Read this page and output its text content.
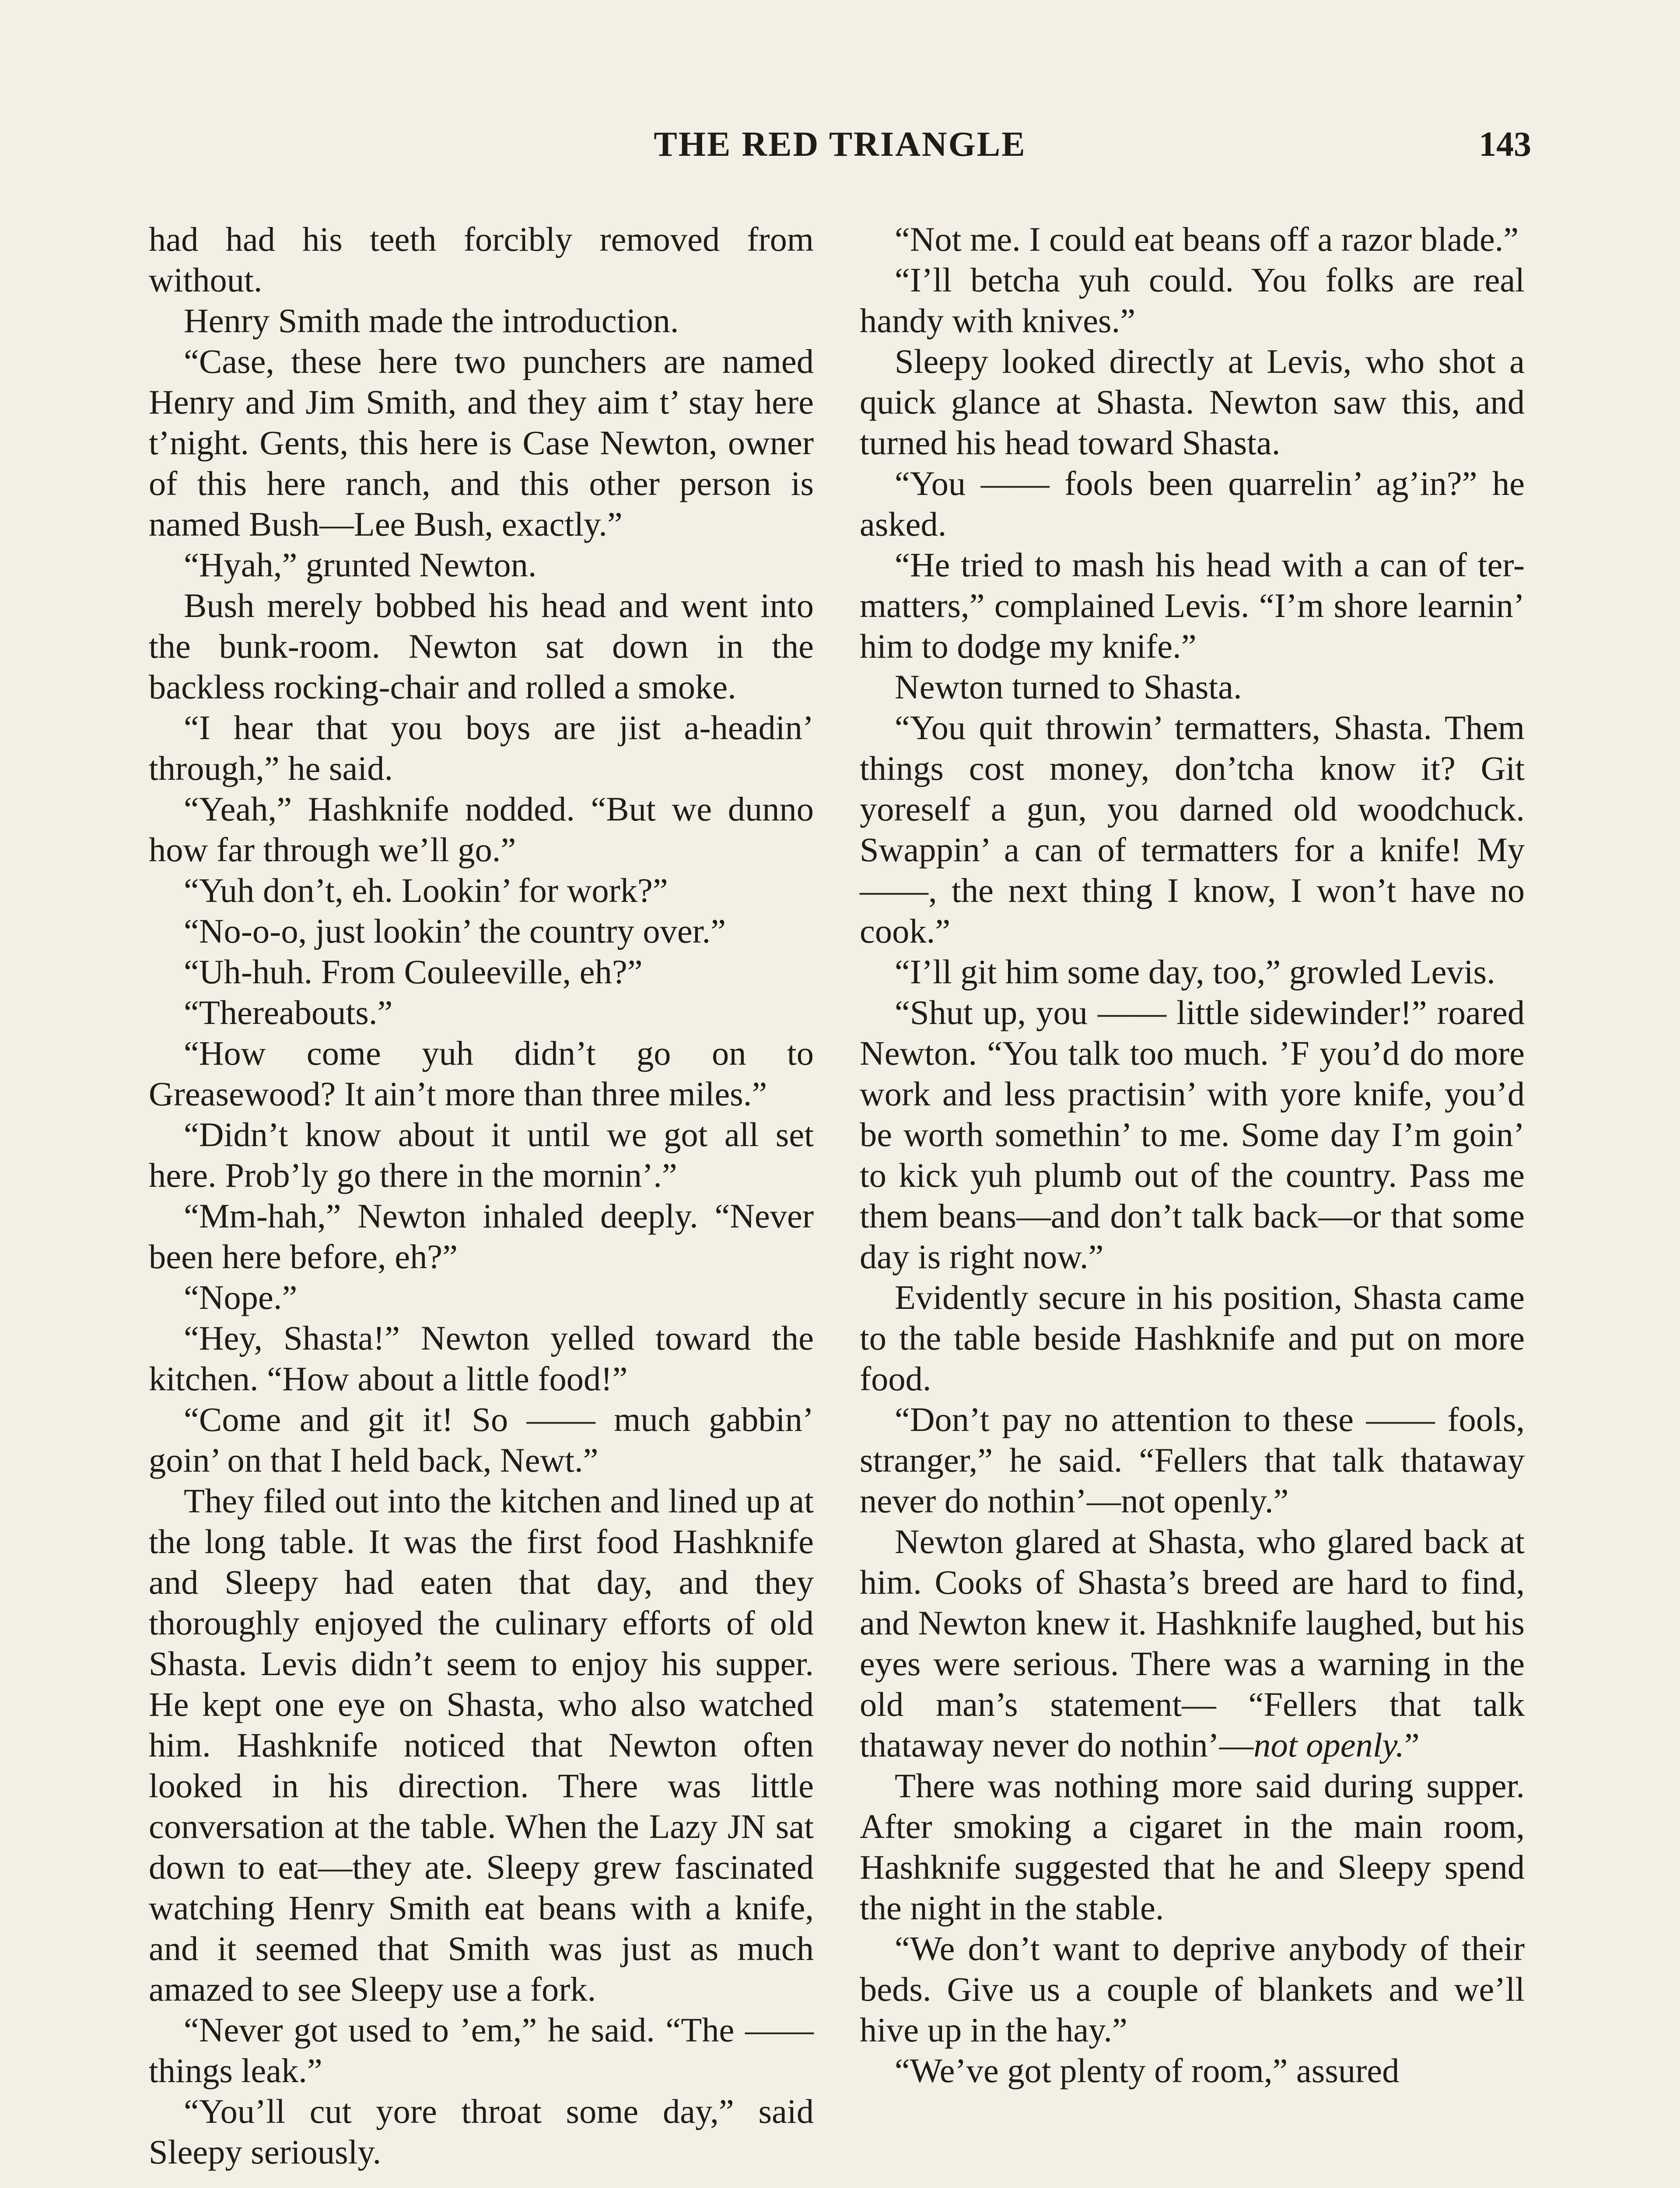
THE RED TRIANGLE	143

had had his teeth forcibly removed from without.

Henry Smith made the introduction.

“Case, these here two punchers are named Henry and Jim Smith, and they aim t’ stay here t’night. Gents, this here is Case Newton, owner of this here ranch, and this other person is named Bush—Lee Bush, exactly.”

“Hyah,” grunted Newton.

Bush merely bobbed his head and went into the bunk-room. Newton sat down in the backless rocking-chair and rolled a smoke.

“I hear that you boys are jist a-headin’ through,” he said.

“Yeah,” Hashknife nodded. “But we dunno how far through we’ll go.”

“Yuh don’t, eh. Lookin’ for work?”

“No-o-o, just lookin’ the country over.”

“Uh-huh. From Couleeville, eh?”

“Thereabouts.”

“How come yuh didn’t go on to Greasewood? It ain’t more than three miles.”

“Didn’t know about it until we got all set here. Prob’ly go there in the mornin’.”

“Mm-hah,” Newton inhaled deeply. “Never been here before, eh?”

“Nope.”

“Hey, Shasta!” Newton yelled toward the kitchen. “How about a little food!”

“Come and git it! So —— much gabbin’ goin’ on that I held back, Newt.”

They filed out into the kitchen and lined up at the long table. It was the first food Hashknife and Sleepy had eaten that day, and they thoroughly enjoyed the culinary efforts of old Shasta. Levis didn’t seem to enjoy his supper. He kept one eye on Shasta, who also watched him. Hashknife noticed that Newton often looked in his direction. There was little conversation at the table. When the Lazy JN sat down to eat—they ate. Sleepy grew fascinated watching Henry Smith eat beans with a knife, and it seemed that Smith was just as much amazed to see Sleepy use a fork.

“Never got used to ’em,” he said. “The —— things leak.”

“You’ll cut yore throat some day,” said Sleepy seriously.

“Not me. I could eat beans off a razor blade.”

“I’ll betcha yuh could. You folks are real handy with knives.”

Sleepy looked directly at Levis, who shot a quick glance at Shasta. Newton saw this, and turned his head toward Shasta.

“You —— fools been quarrelin’ ag’in?” he asked.

“He tried to mash his head with a can of ter-matters,” complained Levis. “I’m shore learnin’ him to dodge my knife.”

Newton turned to Shasta.

“You quit throwin’ termatters, Shasta. Them things cost money, don’tcha know it? Git yoreself a gun, you darned old woodchuck. Swappin’ a can of termatters for a knife! My ——, the next thing I know, I won’t have no cook.”

“I’ll git him some day, too,” growled Levis.

“Shut up, you —— little sidewinder!” roared Newton. “You talk too much. ’F you’d do more work and less practisin’ with yore knife, you’d be worth somethin’ to me. Some day I’m goin’ to kick yuh plumb out of the country. Pass me them beans—and don’t talk back—or that some day is right now.”

Evidently secure in his position, Shasta came to the table beside Hashknife and put on more food.

“Don’t pay no attention to these —— fools, stranger,” he said. “Fellers that talk thataway never do nothin’—not openly.”

Newton glared at Shasta, who glared back at him. Cooks of Shasta’s breed are hard to find, and Newton knew it. Hashknife laughed, but his eyes were serious. There was a warning in the old man’s statement— “Fellers that talk thataway never do nothin’—not openly.”

There was nothing more said during supper. After smoking a cigaret in the main room, Hashknife suggested that he and Sleepy spend the night in the stable.

“We don’t want to deprive anybody of their beds. Give us a couple of blankets and we’ll hive up in the hay.”

“We’ve got plenty of room,” assured
